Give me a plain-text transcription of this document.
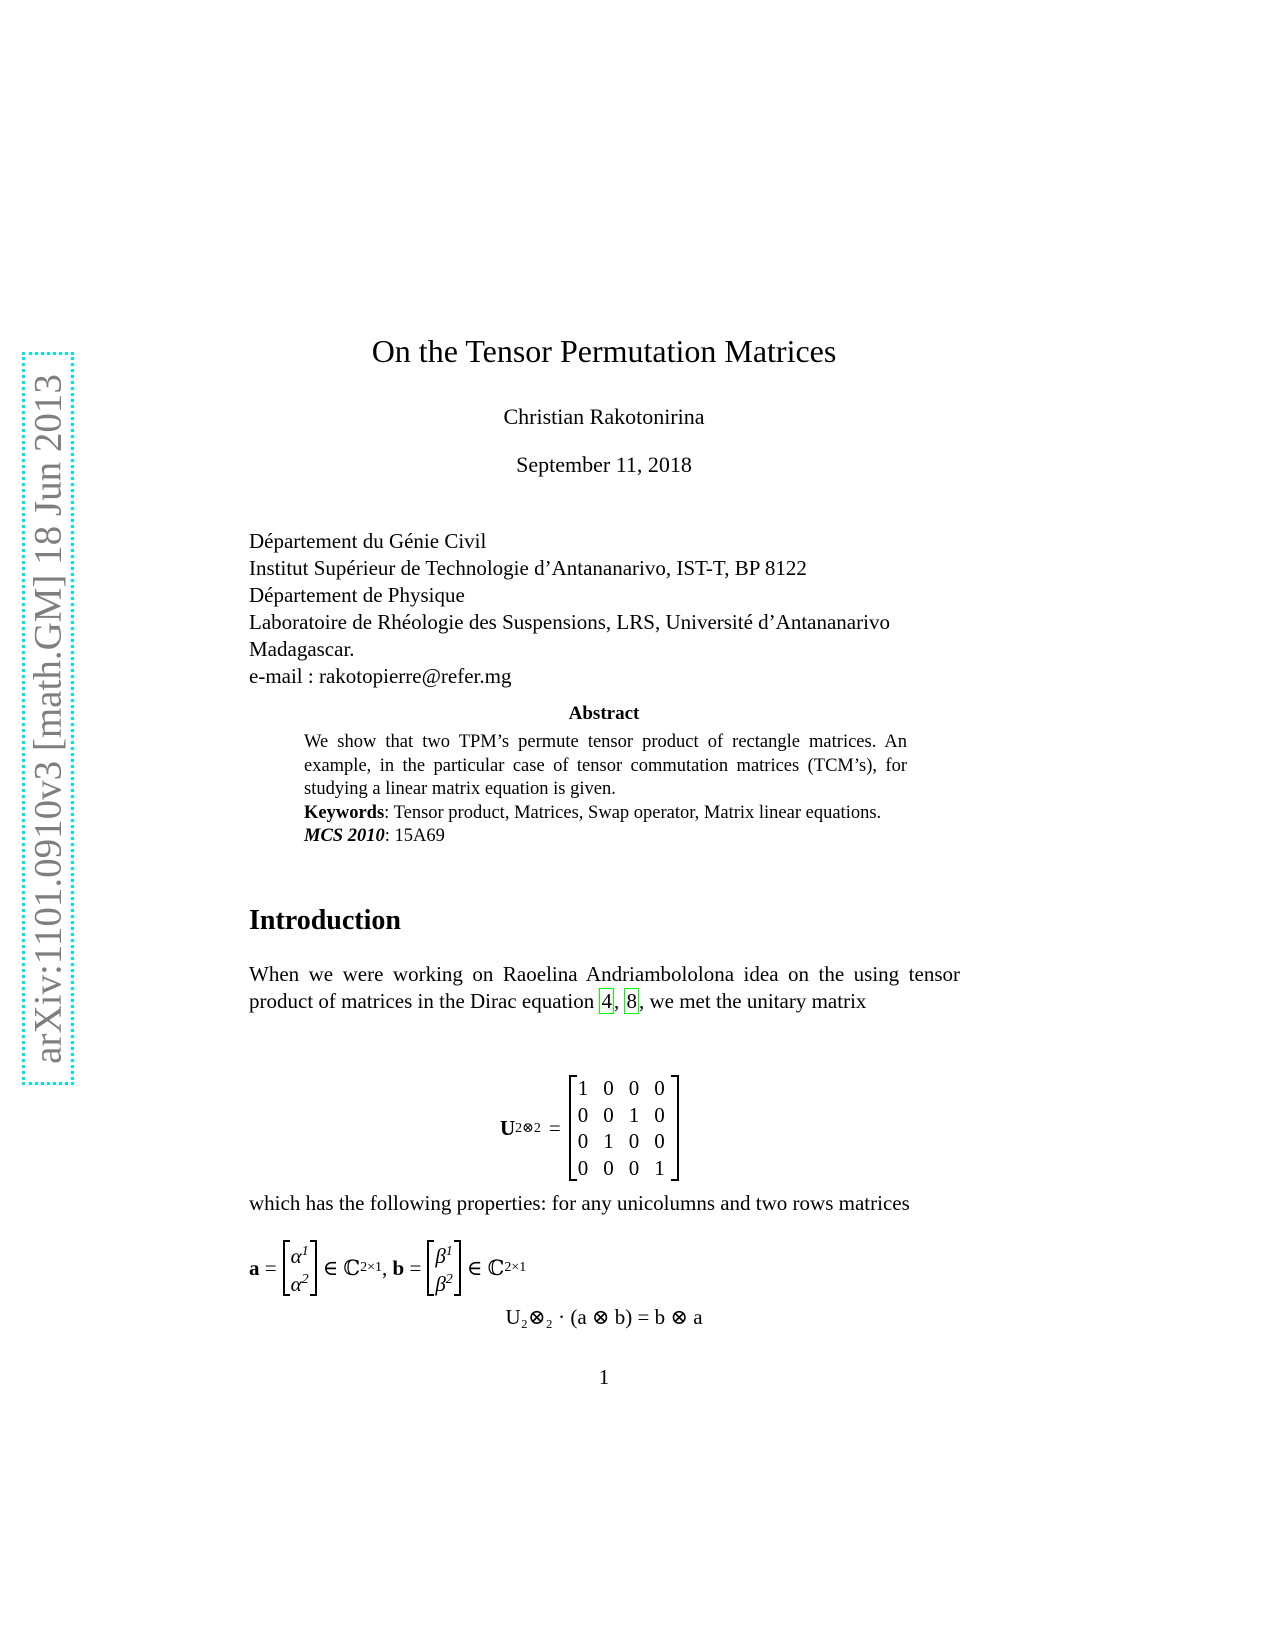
arXiv:1101.0910v3 [math.GM] 18 Jun 2013
On the Tensor Permutation Matrices
Christian Rakotonirina
September 11, 2018
Département du Génie Civil
Institut Supérieur de Technologie d’Antananarivo, IST-T, BP 8122
Département de Physique
Laboratoire de Rhéologie des Suspensions, LRS, Université d’Antananarivo
Madagascar.
e-mail : rakotopierre@refer.mg
Abstract
We show that two TPM’s permute tensor product of rectangle matrices. An example, in the particular case of tensor commutation matrices (TCM’s), for studying a linear matrix equation is given.
Keywords: Tensor product, Matrices, Swap operator, Matrix linear equations.
MCS 2010: 15A69
Introduction
When we were working on Raoelina Andriambololona idea on the using tensor product of matrices in the Dirac equation 4, 8, we met the unitary matrix
U 2⊗2 =
1	0	0	0
0	0	1	0
0	1	0	0
0	0	0	1
which has the following properties: for any unicolumns and two rows matrices
$a = \alpha^1$
$\alpha^2$ ∈ ℂ 2×1 , $b = \beta^1$
$\beta^2$ ∈ ℂ 2×1
U₂⊗₂ · (a ⊗ b) = b ⊗ a
1
